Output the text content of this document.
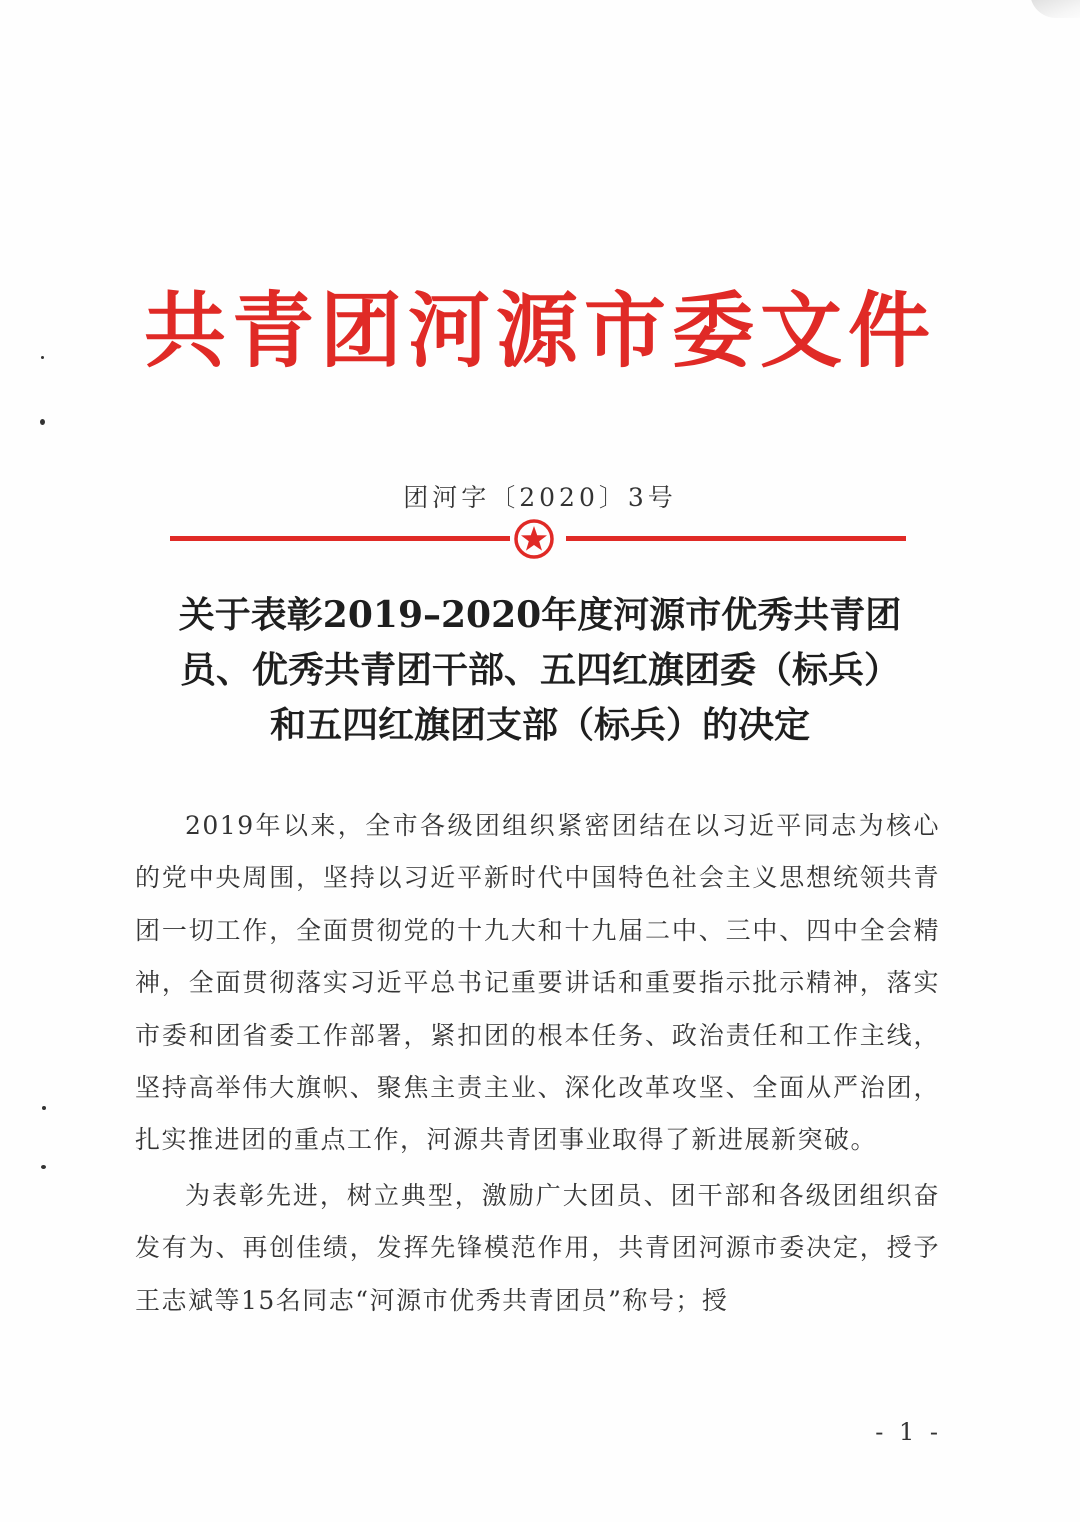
共青团河源市委文件
团河字〔2020〕3号
关于表彰2019–2020年度河源市优秀共青团
员、优秀共青团干部、五四红旗团委（标兵）
和五四红旗团支部（标兵）的决定

2019年以来，全市各级团组织紧密团结在以习近平同志为核心的党中央周围，坚持以习近平新时代中国特色社会主义思想统领共青团一切工作，全面贯彻党的十九大和十九届二中、三中、四中全会精神，全面贯彻落实习近平总书记重要讲话和重要指示批示精神，落实市委和团省委工作部署，紧扣团的根本任务、政治责任和工作主线，坚持高举伟大旗帜、聚焦主责主业、深化改革攻坚、全面从严治团，扎实推进团的重点工作，河源共青团事业取得了新进展新突破。

为表彰先进，树立典型，激励广大团员、团干部和各级团组织奋发有为、再创佳绩，发挥先锋模范作用，共青团河源市委决定，授予王志斌等15名同志“河源市优秀共青团员”称号；授

- 1 -
